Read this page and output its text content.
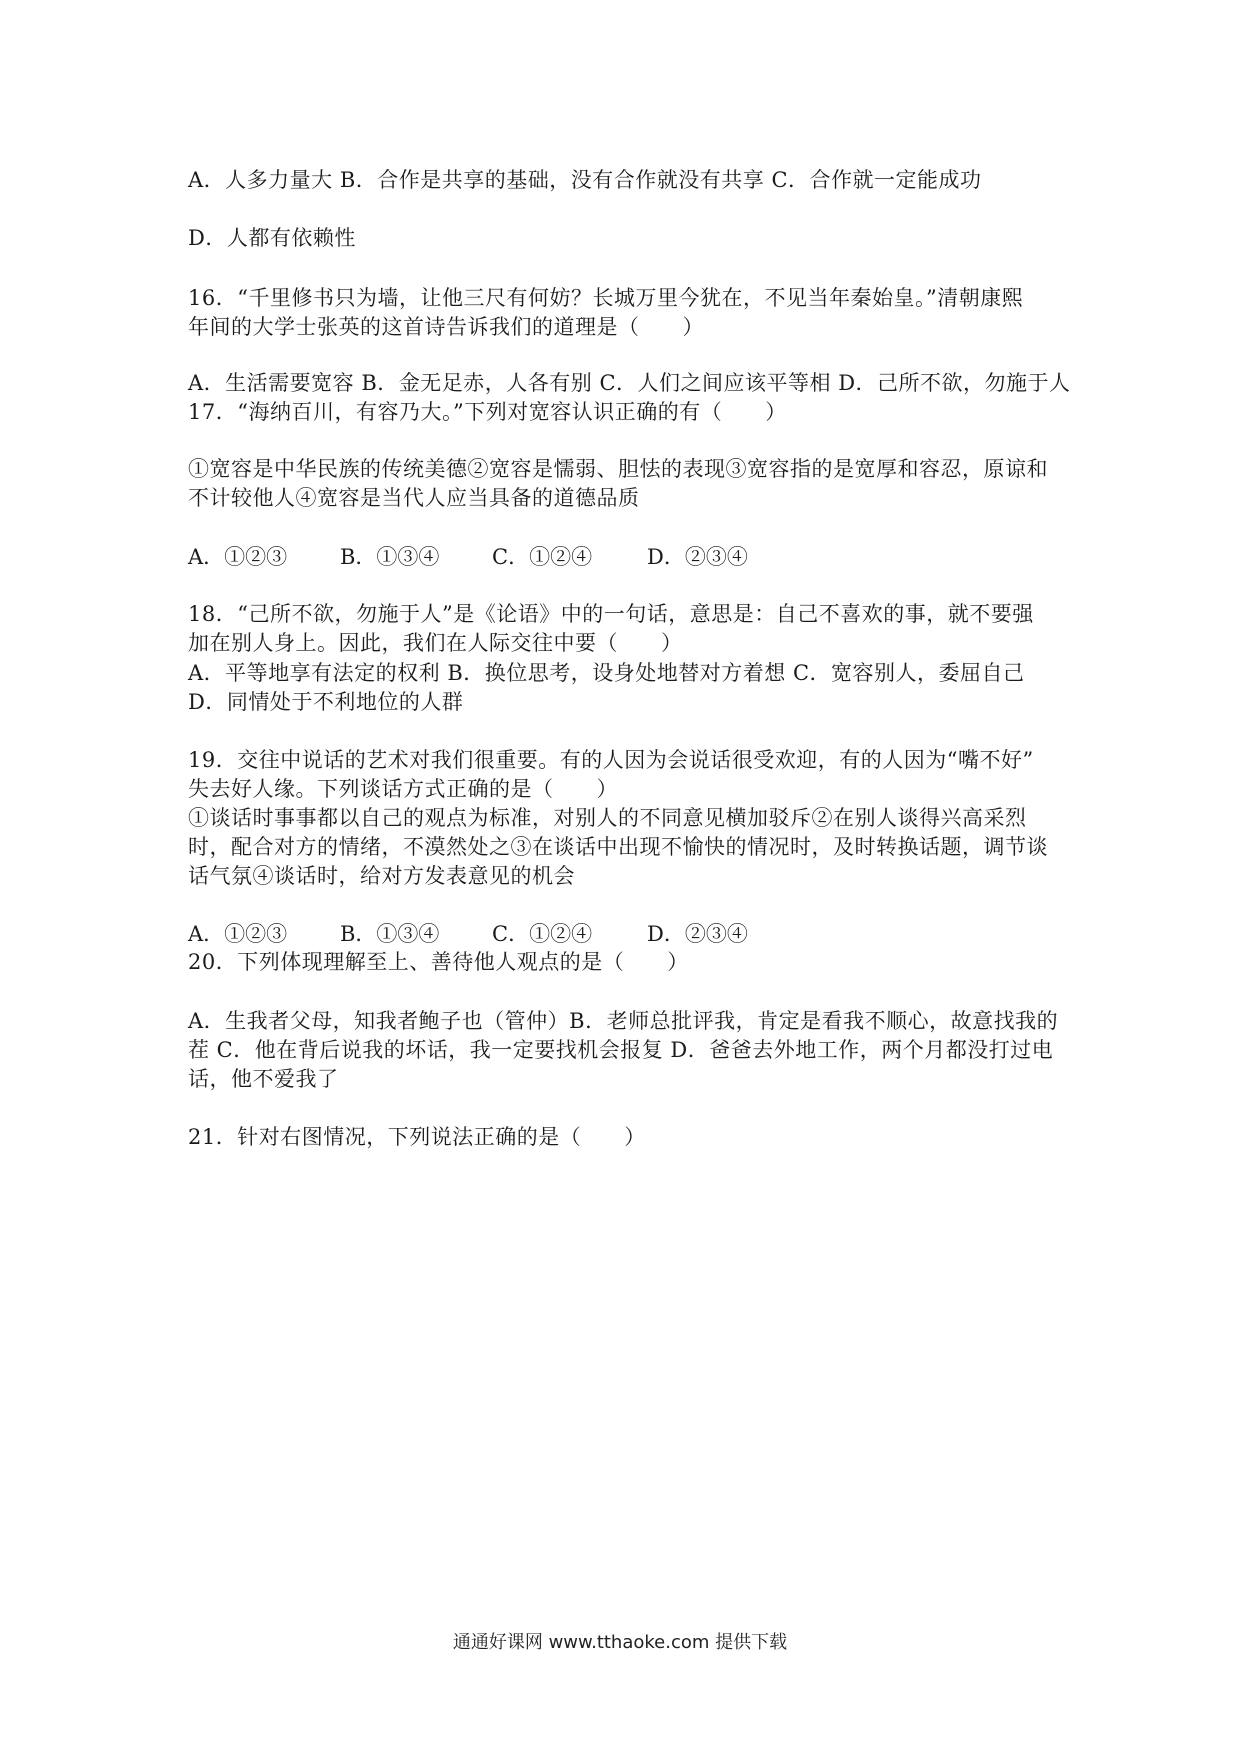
A．人多力量大 B．合作是共享的基础，没有合作就没有共享 C．合作就一定能成功
D．人都有依赖性
16．“千里修书只为墙，让他三尺有何妨？长城万里今犹在，不见当年秦始皇。”清朝康熙
年间的大学士张英的这首诗告诉我们的道理是（　　）
A．生活需要宽容 B．金无足赤，人各有别 C．人们之间应该平等相 D．己所不欲，勿施于人
17．“海纳百川，有容乃大。”下列对宽容认识正确的有（　　）
①宽容是中华民族的传统美德②宽容是懦弱、胆怯的表现③宽容指的是宽厚和容忍，原谅和
不计较他人④宽容是当代人应当具备的道德品质
A．①②③	B．①③④	C．①②④	D．②③④
18．“己所不欲，勿施于人”是《论语》中的一句话，意思是：自己不喜欢的事，就不要强
加在别人身上。因此，我们在人际交往中要（　　）
A．平等地享有法定的权利 B．换位思考，设身处地替对方着想 C．宽容别人，委屈自己
D．同情处于不利地位的人群
19．交往中说话的艺术对我们很重要。有的人因为会说话很受欢迎，有的人因为“嘴不好”
失去好人缘。下列谈话方式正确的是（　　）
①谈话时事事都以自己的观点为标准，对别人的不同意见横加驳斥②在别人谈得兴高采烈
时，配合对方的情绪，不漠然处之③在谈话中出现不愉快的情况时，及时转换话题，调节谈
话气氛④谈话时，给对方发表意见的机会
A．①②③	B．①③④	C．①②④	D．②③④
20．下列体现理解至上、善待他人观点的是（　　）
A．生我者父母，知我者鲍子也（管仲）B．老师总批评我，肯定是看我不顺心，故意找我的
茬 C．他在背后说我的坏话，我一定要找机会报复 D．爸爸去外地工作，两个月都没打过电
话，他不爱我了
21．针对右图情况，下列说法正确的是（　　）
通通好课网 www.tthaoke.com 提供下载
